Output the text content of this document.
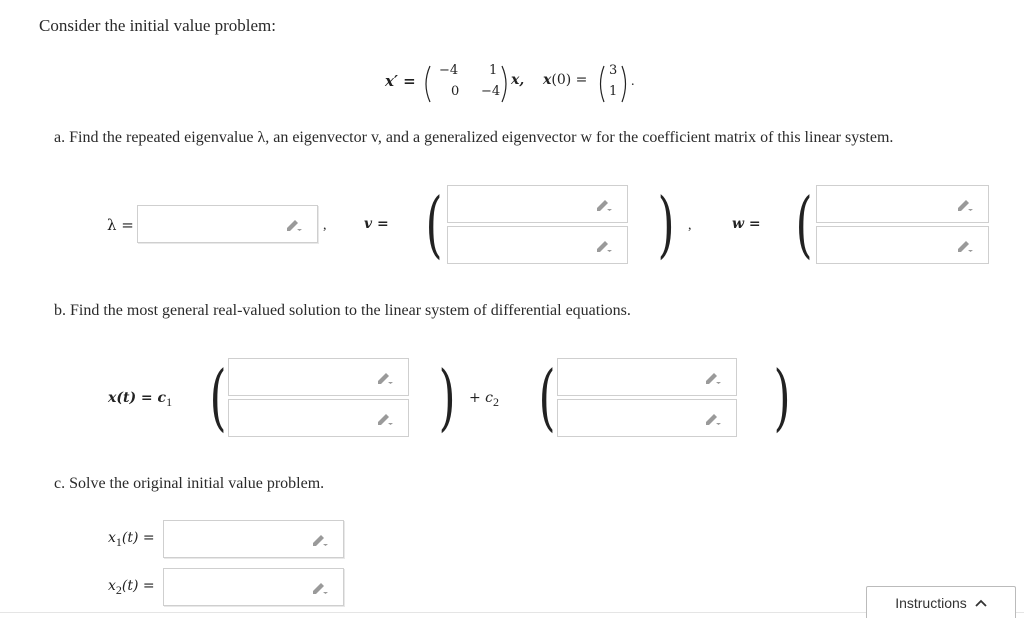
Consider the initial value problem:
x′ =
−4 1
0 −4
x, x(0) =
3
1
.
a. Find the repeated eigenvalue λ, an eigenvector v, and a generalized eigenvector w for the coefficient matrix of this linear system.
λ =	,	v = (	) ,	w = (
b. Find the most general real-valued solution to the linear system of differential equations.
$x(t) = c_1$ (	) + $c_2$ (	)
c. Solve the original initial value problem.
$x_1(t)$ =
$x_2(t)$ =
Instructions
